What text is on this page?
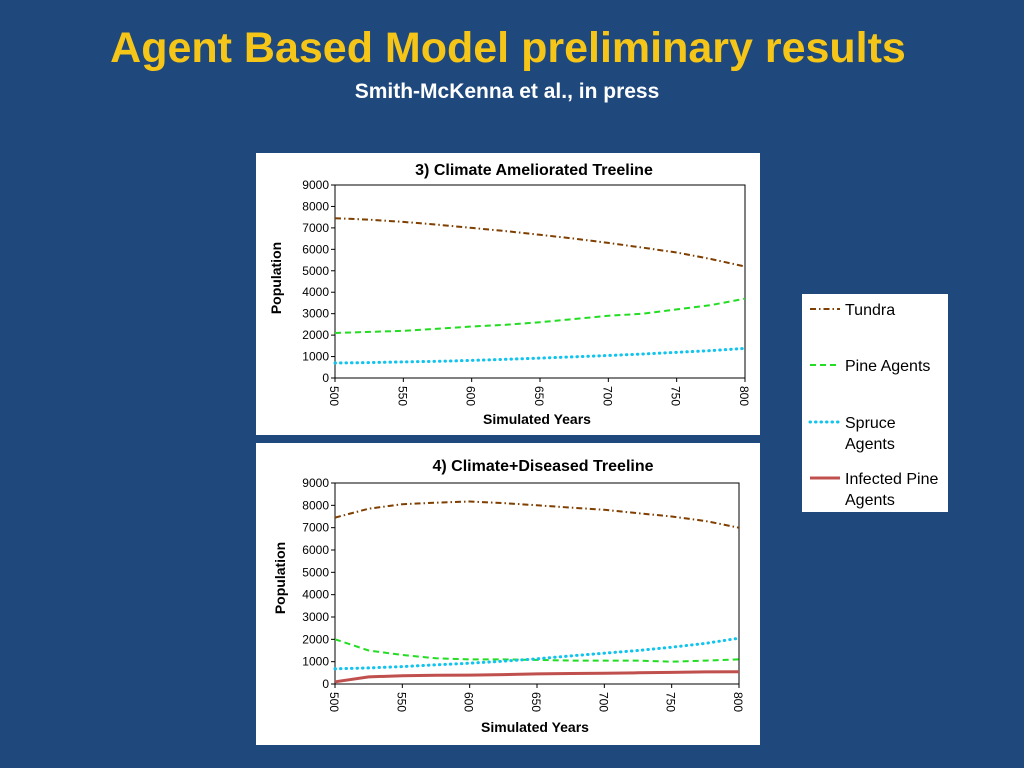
Agent Based Model preliminary results
Smith-McKenna et al., in press
3) Climate Ameliorated Treeline
0
1000
2000
3000
4000
5000
6000
7000
8000
9000
500	550	600	650	700	750	800
Simulated Years
Population
4) Climate+Diseased Treeline
0
1000
2000
3000
4000
5000
6000
7000
8000
9000
500	550	600	650	700	750	800
Simulated Years
Population
Tundra
Pine Agents
Spruce
Agents
Infected Pine
Agents
